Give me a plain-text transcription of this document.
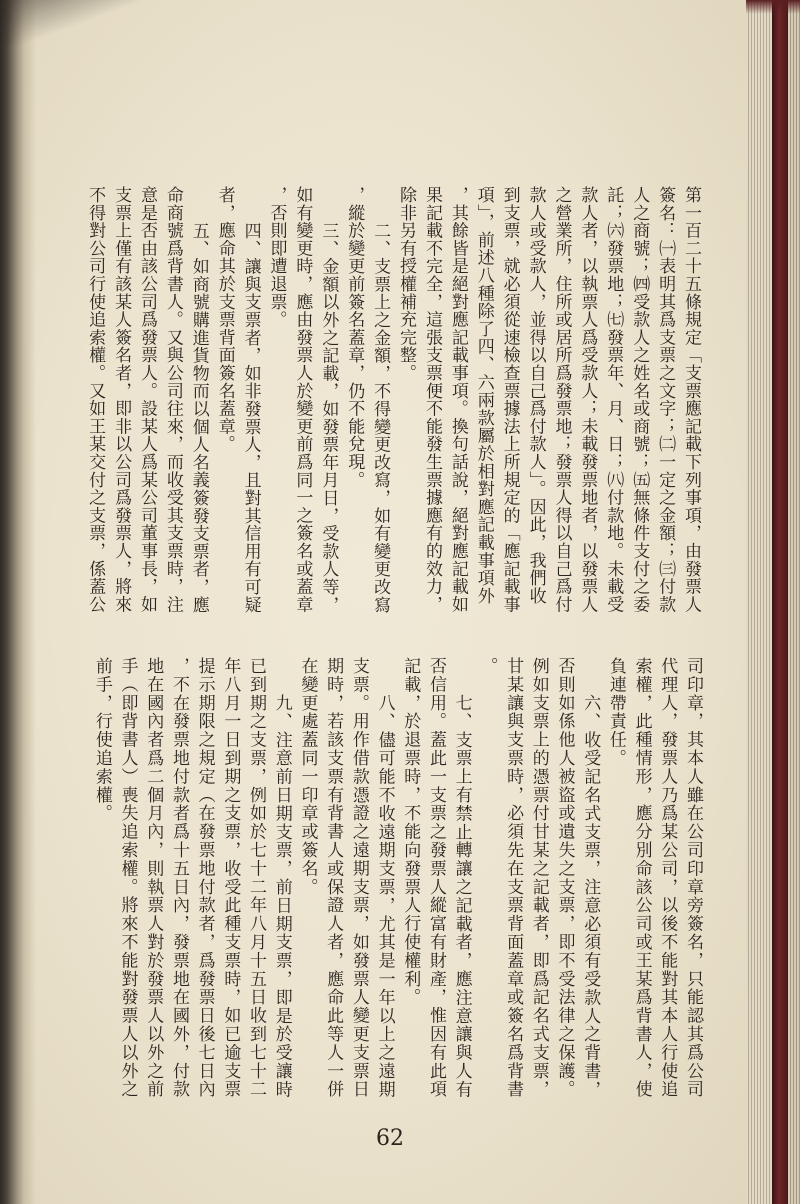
第一百二十五條規定「支票應記載下列事項，由發票人
簽名：㈠表明其爲支票之文字；㈡一定之金額；㈢付款
人之商號；㈣受款人之姓名或商號；㈤無條件支付之委
託；㈥發票地；㈦發票年、月、日；㈧付款地。未載受
款人者，以執票人爲受款人；未載發票地者，以發票人
之營業所，住所或居所爲發票地；發票人得以自己爲付
款人或受款人，並得以自己爲付款人」。因此，我們收
到支票，就必須從速檢查票據法上所規定的「應記載事
項」，前述八種除了四、六兩款屬於相對應記載事項外
，其餘皆是絕對應記載事項。換句話說，絕對應記載如
果記載不完全，這張支票便不能發生票據應有的效力，
除非另有授權補充完整。
二、支票上之金額，不得變更改寫，如有變更改寫
，縱於變更前簽名蓋章，仍不能兌現。
三、金額以外之記載，如發票年月日，受款人等，
如有變更時，應由發票人於變更前爲同一之簽名或蓋章
，否則即遭退票。
四、讓與支票者，如非發票人，且對其信用有可疑
者，應命其於支票背面簽名蓋章。
五、如商號購進貨物而以個人名義簽發支票者，應
命商號爲背書人。又與公司往來，而收受其支票時，注
意是否由該公司爲發票人。設某人爲某公司董事長，如
支票上僅有該某人簽名者，即非以公司爲發票人，將來
不得對公司行使追索權。又如王某交付之支票，係蓋公
司印章，其本人雖在公司印章旁簽名，只能認其爲公司
代理人，發票人乃爲某公司，以後不能對其本人行使追
索權，此種情形，應分別命該公司或王某爲背書人，使
負連帶責任。
六、收受記名式支票，注意必須有受款人之背書，
否則如係他人被盜或遺失之支票，即不受法律之保護。
例如支票上的憑票付甘某之記載者，即爲記名式支票，
甘某讓與支票時，必須先在支票背面蓋章或簽名爲背書
。
七、支票上有禁止轉讓之記載者，應注意讓與人有
否信用。蓋此一支票之發票人縱富有財產，惟因有此項
記載，於退票時，不能向發票人行使權利。
八、儘可能不收遠期支票，尤其是一年以上之遠期
支票。用作借款憑證之遠期支票，如發票人變更支票日
期時，若該支票有背書人或保證人者，應命此等人一併
在變更處蓋同一印章或簽名。
九、注意前日期支票，前日期支票，即是於受讓時
已到期之支票，例如於七十二年八月十五日收到七十二
年八月一日到期之支票，收受此種支票時，如已逾支票
提示期限之規定（在發票地付款者，爲發票日後七日內
，不在發票地付款者爲十五日內，發票地在國外，付款
地在國內者爲二個月內，則執票人對於發票人以外之前
手（即背書人）喪失追索權。將來不能對發票人以外之
前手，行使追索權。
62
